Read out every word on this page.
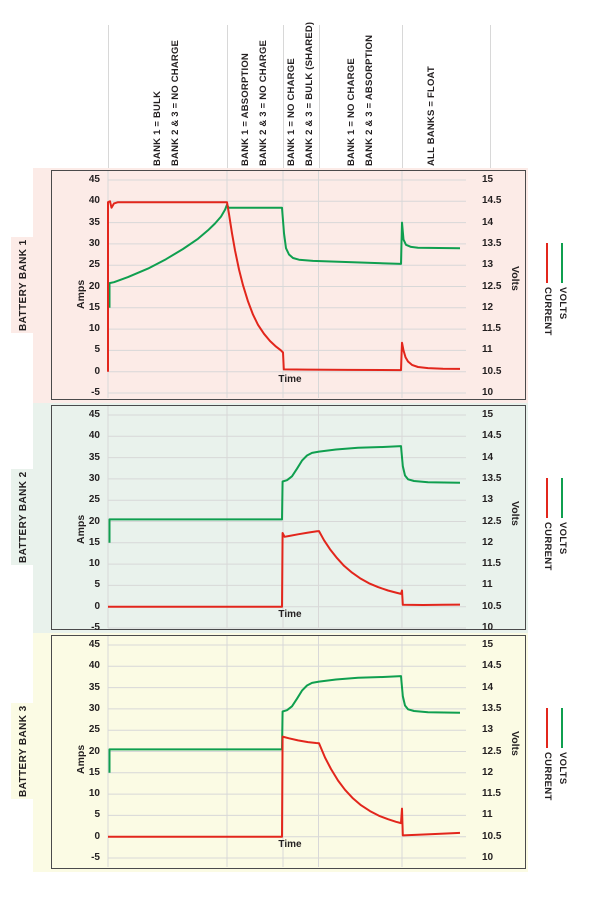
BANK 1 = BULK BANK 2 & 3 = NO CHARGE	BANK 1 = ABSORPTION BANK 2 & 3 = NO CHARGE BANK 1 = NO CHARGE BANK 2 & 3 = BULK (SHARED)	BANK 1 = NO CHARGE BANK 2 & 3 = ABSORPTION	ALL BANKS = FLOAT
BATTERY BANK 1	Amps
Volts
Time
45
40
35
30
25
20
15
10
5
0
-5
15
14.5
14
13.5
13
12.5
12
11.5
11
10.5
10
CURRENT VOLTS
BATTERY BANK 2	Amps
Volts
Time
45
40
35
30
25
20
15
10
5
0
-5
15
14.5
14
13.5
13
12.5
12
11.5
11
10.5
10
CURRENT VOLTS
BATTERY BANK 3	Amps
Volts
Time
45
40
35
30
25
20
15
10
5
0
-5
15
14.5
14
13.5
13
12.5
12
11.5
11
10.5
10
CURRENT VOLTS
